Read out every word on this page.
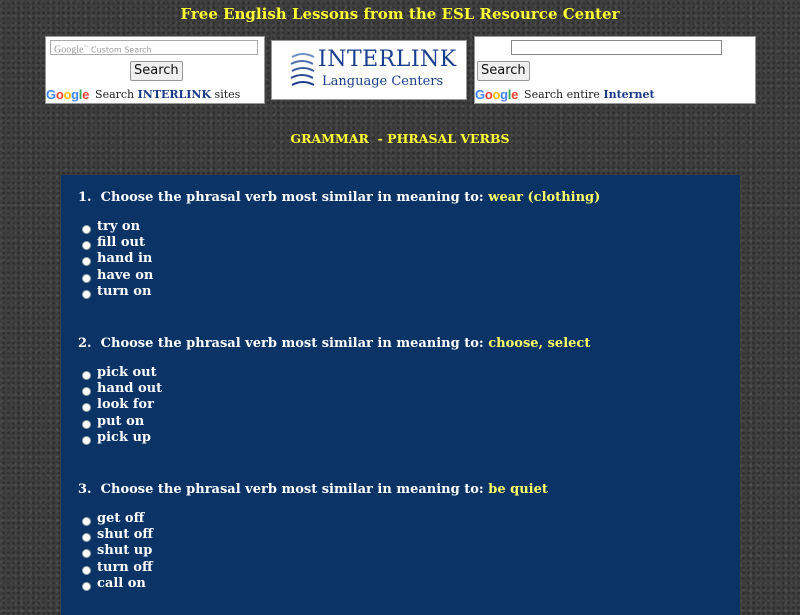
Free English Lessons from the ESL Resource Center
Google™ Custom Search
Search
Google Search INTERLINK sites
INTERLINK
Language Centers
Search
Google Search entire Internet
GRAMMAR  - PHRASAL VERBS
1. Choose the phrasal verb most similar in meaning to: wear (clothing)
try on
fill out
hand in
have on
turn on
2. Choose the phrasal verb most similar in meaning to: choose, select
pick out
hand out
look for
put on
pick up
3. Choose the phrasal verb most similar in meaning to: be quiet
get off
shut off
shut up
turn off
call on
